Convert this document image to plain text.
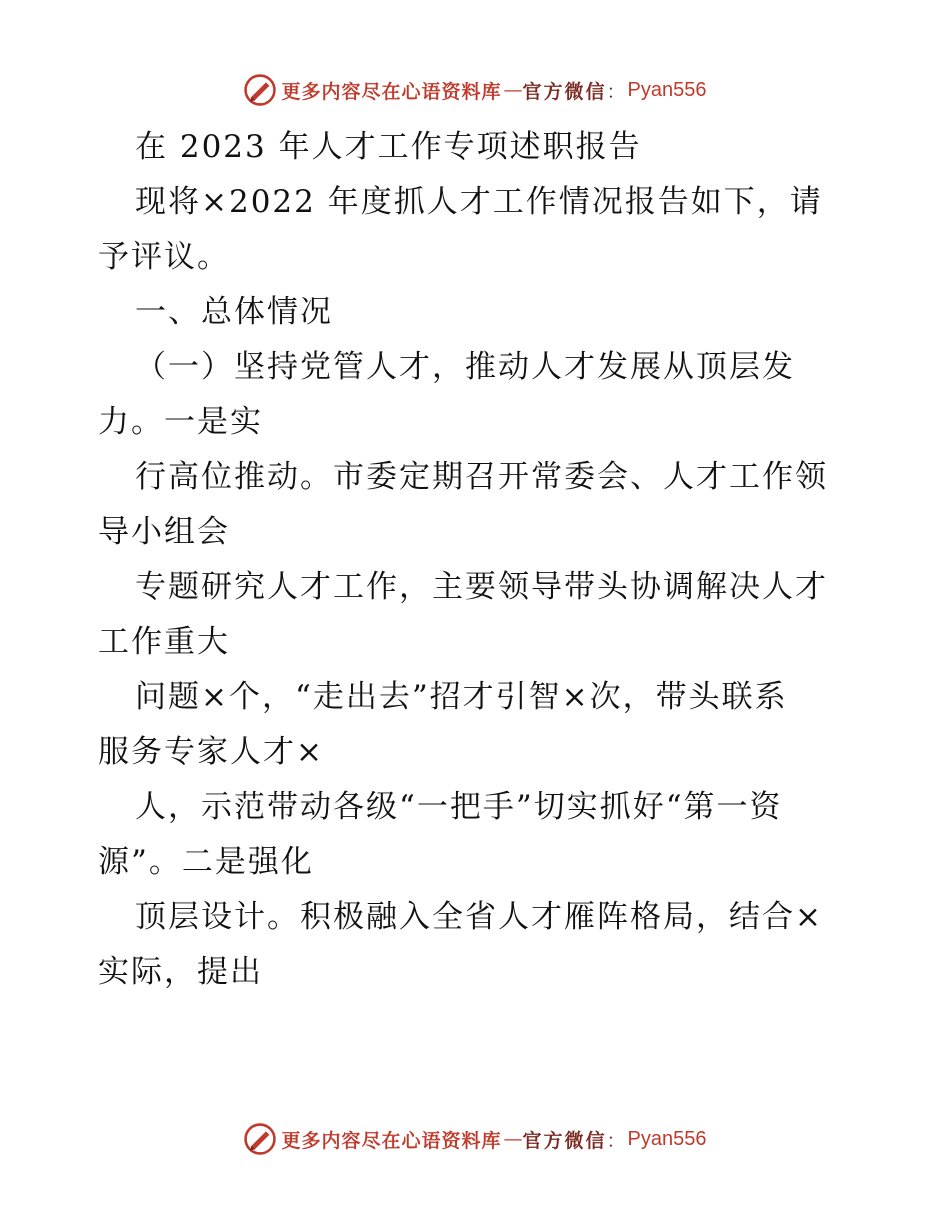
更多内容尽在心语资料库 — 官方微信 ： Pyan556
在 2023 年人才工作专项述职报告
现将×2022 年度抓人才工作情况报告如下，请
予评议。
一、总体情况
（一）坚持党管人才，推动人才发展从顶层发
力。一是实
行高位推动。市委定期召开常委会、人才工作领
导小组会
专题研究人才工作，主要领导带头协调解决人才
工作重大
问题×个，“走出去”招才引智×次，带头联系
服务专家人才×
人，示范带动各级“一把手”切实抓好“第一资
源”。二是强化
顶层设计。积极融入全省人才雁阵格局，结合×
实际，提出
更多内容尽在心语资料库 — 官方微信 ： Pyan556
